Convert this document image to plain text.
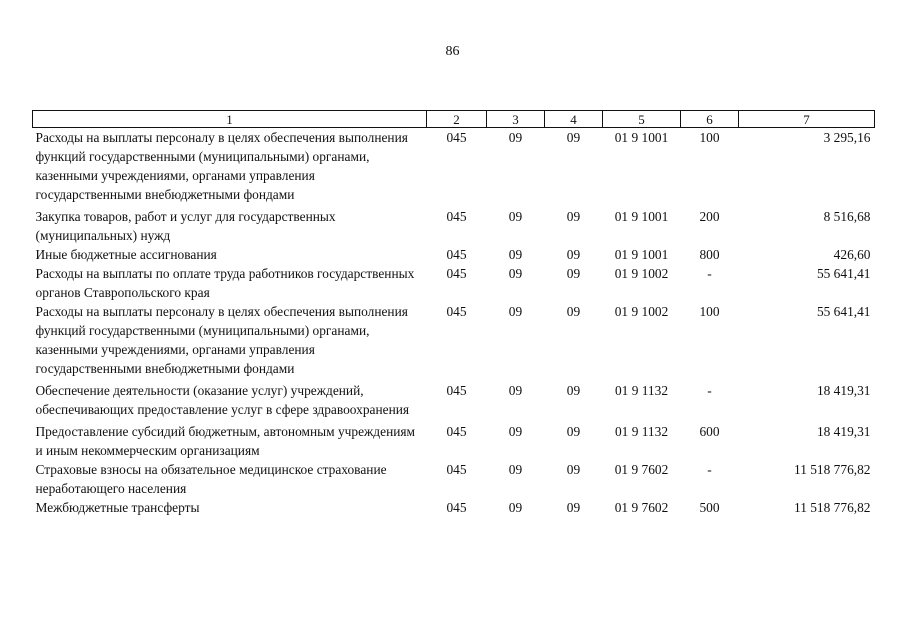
86
1	2	3	4	5	6	7
Расходы на выплаты персоналу в целях обеспечения выполнения функций государственными (муниципальными) органами, казенными учреждениями, органами управления государственными внебюджетными фондами	045	09	09	01 9 1001	100	3 295,16
Закупка товаров, работ и услуг для государственных (муниципальных) нужд	045	09	09	01 9 1001	200	8 516,68
Иные бюджетные ассигнования	045	09	09	01 9 1001	800	426,60
Расходы на выплаты по оплате труда работников государственных органов Ставропольского края	045	09	09	01 9 1002	-	55 641,41
Расходы на выплаты персоналу в целях обеспечения выполнения функций государственными (муниципальными) органами, казенными учреждениями, органами управления государственными внебюджетными фондами	045	09	09	01 9 1002	100	55 641,41
Обеспечение деятельности (оказание услуг) учреждений, обеспечивающих предоставление услуг в сфере здравоохранения	045	09	09	01 9 1132	-	18 419,31
Предоставление субсидий бюджетным, автономным учреждениям и иным некоммерческим организациям	045	09	09	01 9 1132	600	18 419,31
Страховые взносы на обязательное медицинское страхование неработающего населения	045	09	09	01 9 7602	-	11 518 776,82
Межбюджетные трансферты	045	09	09	01 9 7602	500	11 518 776,82
